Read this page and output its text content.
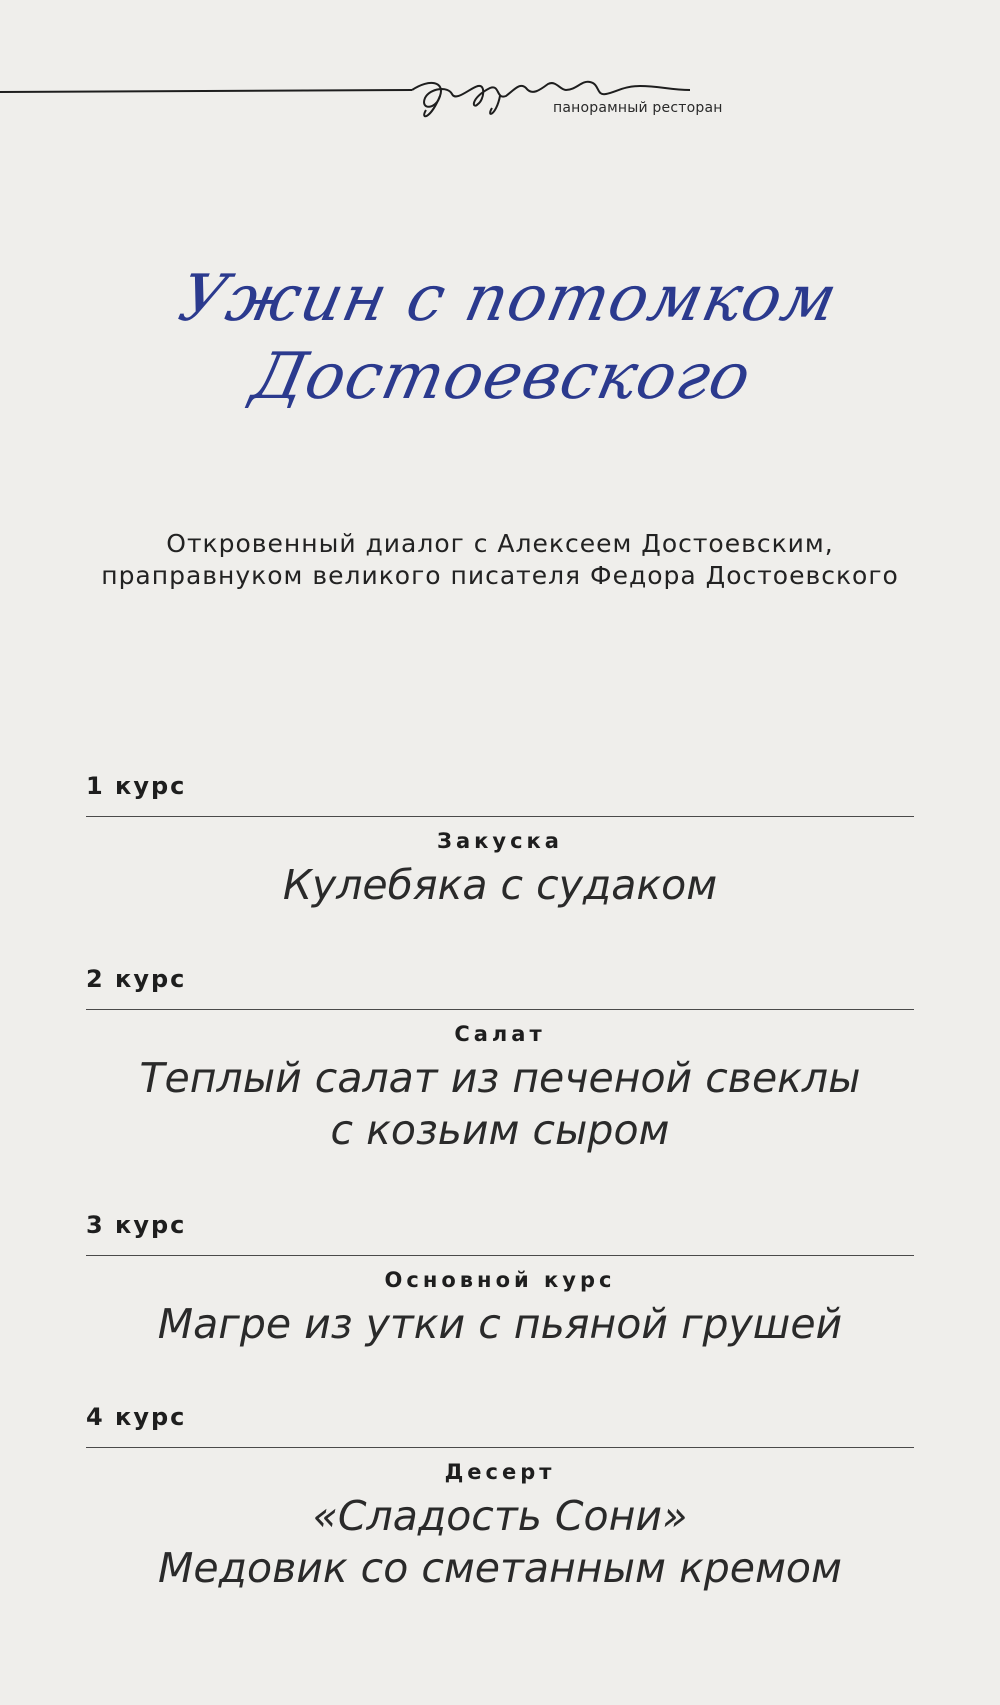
панорамный ресторан
Ужин с потомком
Достоевского
Откровенный диалог с Алексеем Достоевским,
праправнуком великого писателя Федора Достоевского
1 курс
Закуска
Кулебяка с судаком
2 курс
Салат
Теплый салат из печеной свеклы
с козьим сыром
3 курс
Основной курс
Магре из утки с пьяной грушей
4 курс
Десерт
«Сладость Сони»
Медовик со сметанным кремом
